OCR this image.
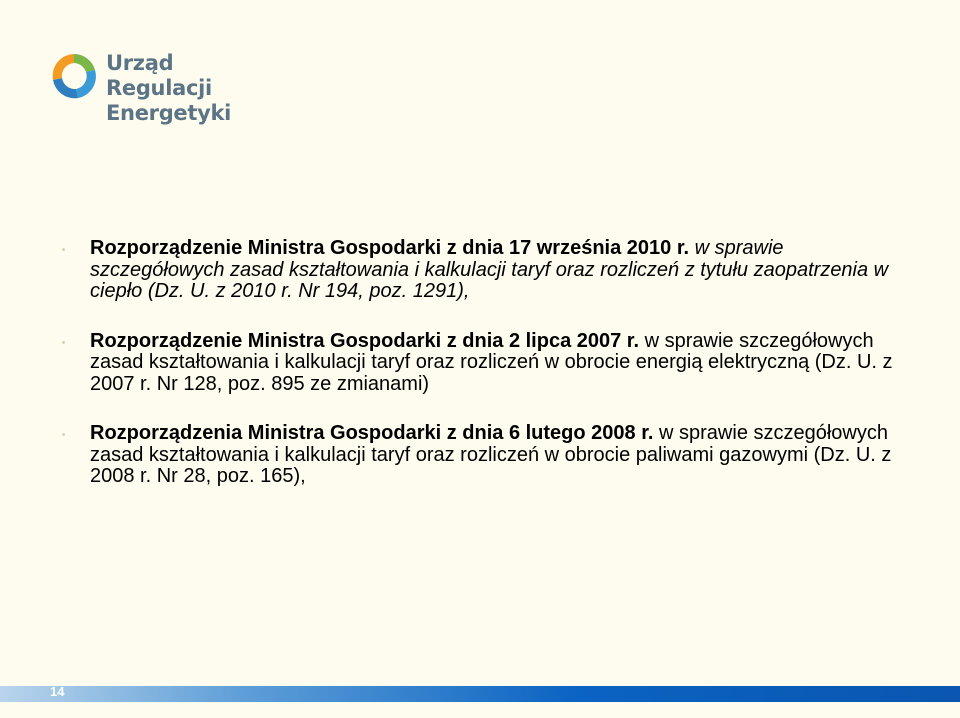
Urząd Regulacji
Energetyki
Rozporządzenie Ministra Gospodarki z dnia 17 września 2010 r. w sprawie szczegółowych zasad kształtowania i kalkulacji taryf oraz rozliczeń z tytułu zaopatrzenia w ciepło (Dz. U. z 2010 r. Nr 194, poz. 1291),
Rozporządzenie Ministra Gospodarki z dnia 2 lipca 2007 r. w sprawie szczegółowych zasad kształtowania i kalkulacji taryf oraz rozliczeń w obrocie energią elektryczną (Dz. U. z 2007 r. Nr 128, poz. 895 ze zmianami)
Rozporządzenia Ministra Gospodarki z dnia 6 lutego 2008 r. w sprawie szczegółowych zasad kształtowania i kalkulacji taryf oraz rozliczeń w obrocie paliwami gazowymi (Dz. U. z 2008 r. Nr 28, poz. 165),
14
